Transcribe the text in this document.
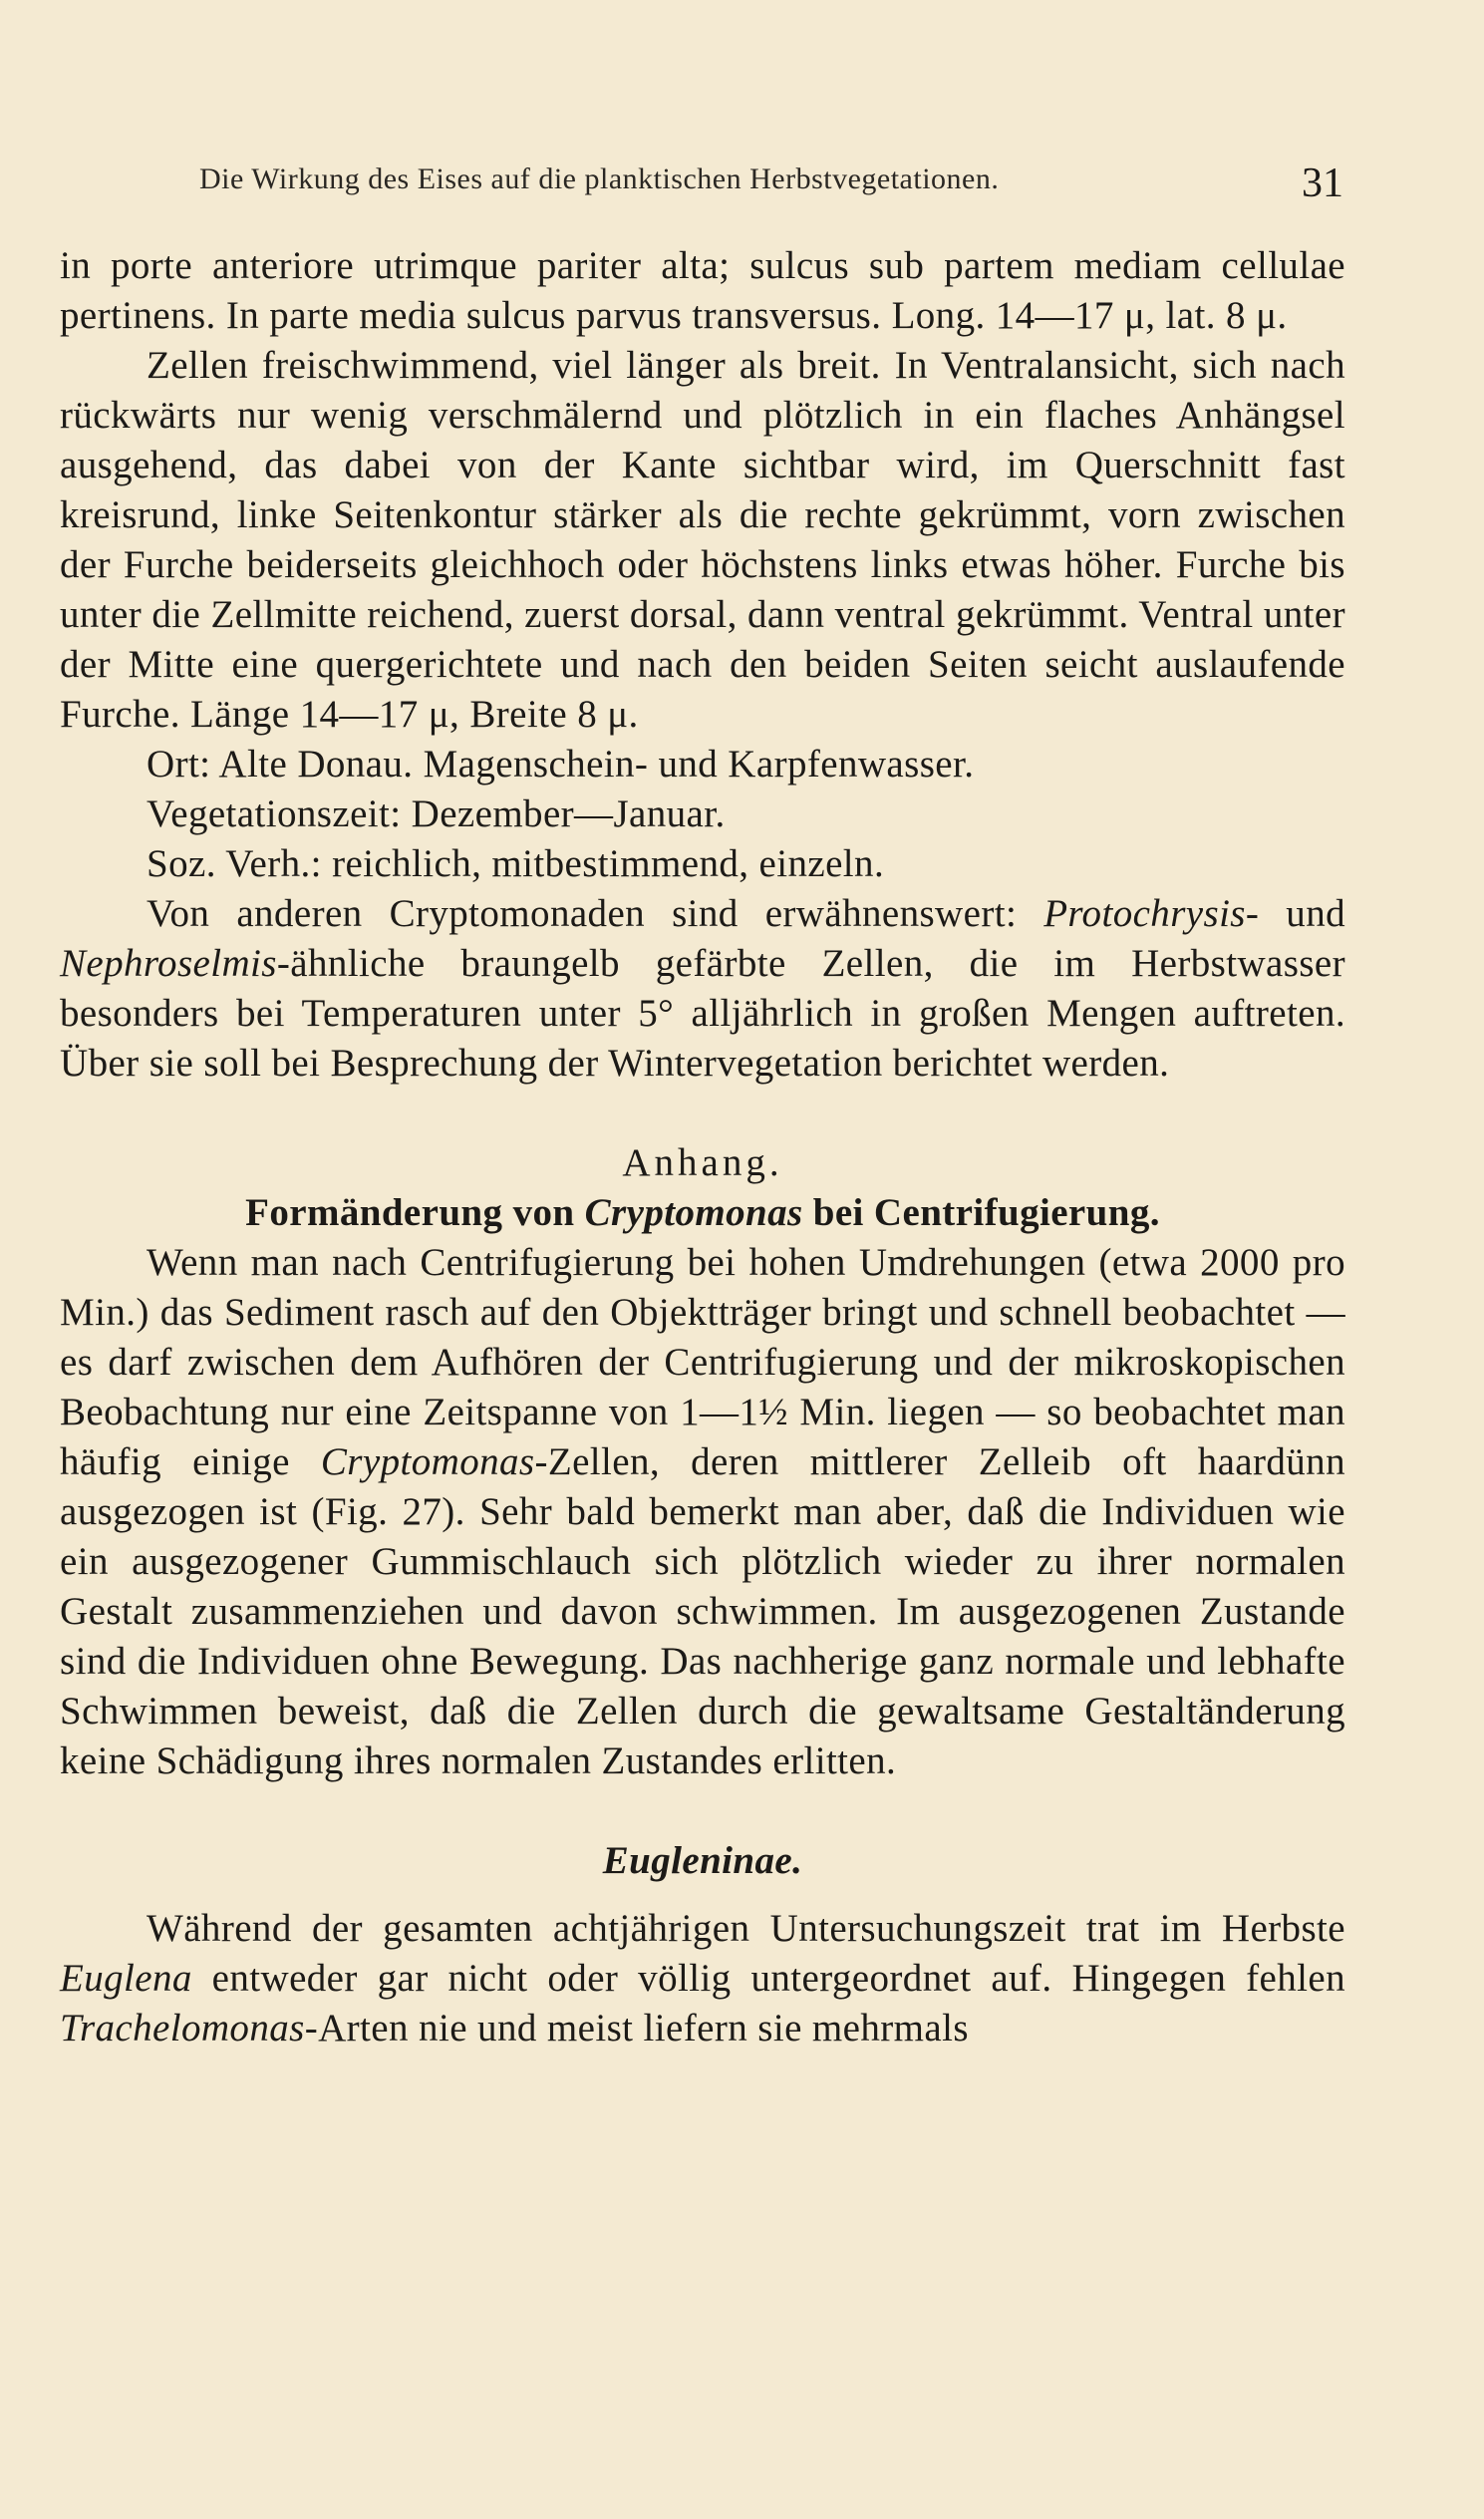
Die Wirkung des Eises auf die planktischen Herbstvegetationen.	31

in porte anteriore utrimque pariter alta; sulcus sub partem mediam cellulae pertinens. In parte media sulcus parvus transversus. Long. 14—17 μ, lat. 8 μ.

Zellen freischwimmend, viel länger als breit. In Ventralansicht, sich nach rückwärts nur wenig verschmälernd und plötzlich in ein flaches Anhängsel ausgehend, das dabei von der Kante sichtbar wird, im Querschnitt fast kreisrund, linke Seitenkontur stärker als die rechte gekrümmt, vorn zwischen der Furche beiderseits gleichhoch oder höchstens links etwas höher. Furche bis unter die Zellmitte reichend, zuerst dorsal, dann ventral gekrümmt. Ventral unter der Mitte eine quergerichtete und nach den beiden Seiten seicht auslaufende Furche. Länge 14—17 μ, Breite 8 μ.

Ort: Alte Donau. Magenschein- und Karpfenwasser.

Vegetationszeit: Dezember—Januar.

Soz. Verh.: reichlich, mitbestimmend, einzeln.

Von anderen Cryptomonaden sind erwähnenswert: Protochrysis- und Nephroselmis-ähnliche braungelb gefärbte Zellen, die im Herbstwasser besonders bei Temperaturen unter 5° alljährlich in großen Mengen auftreten. Über sie soll bei Besprechung der Wintervegetation berichtet werden.

Anhang.

Formänderung von Cryptomonas bei Centrifugierung.

Wenn man nach Centrifugierung bei hohen Umdrehungen (etwa 2000 pro Min.) das Sediment rasch auf den Objektträger bringt und schnell beobachtet — es darf zwischen dem Aufhören der Centrifugierung und der mikroskopischen Beobachtung nur eine Zeitspanne von 1—1½ Min. liegen — so beobachtet man häufig einige Cryptomonas-Zellen, deren mittlerer Zelleib oft haardünn ausgezogen ist (Fig. 27). Sehr bald bemerkt man aber, daß die Individuen wie ein ausgezogener Gummischlauch sich plötzlich wieder zu ihrer normalen Gestalt zusammenziehen und davon schwimmen. Im ausgezogenen Zustande sind die Individuen ohne Bewegung. Das nachherige ganz normale und lebhafte Schwimmen beweist, daß die Zellen durch die gewaltsame Gestaltänderung keine Schädigung ihres normalen Zustandes erlitten.

Eugleninae.

Während der gesamten achtjährigen Untersuchungszeit trat im Herbste Euglena entweder gar nicht oder völlig untergeordnet auf. Hingegen fehlen Trachelomonas-Arten nie und meist liefern sie mehrmals
